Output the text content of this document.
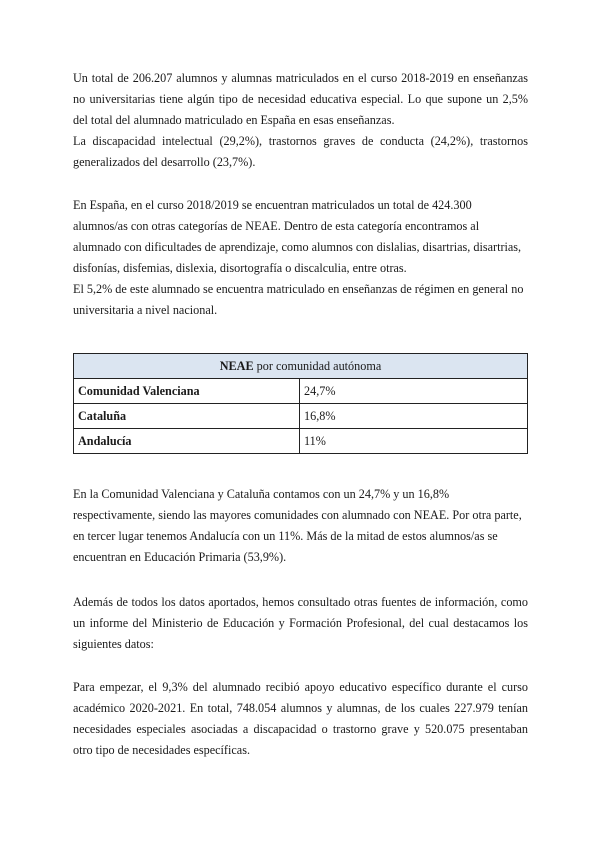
Un total de 206.207 alumnos y alumnas matriculados en el curso 2018-2019 en enseñanzas no universitarias tiene algún tipo de necesidad educativa especial. Lo que supone un 2,5% del total del alumnado matriculado en España en esas enseñanzas.

La discapacidad intelectual (29,2%), trastornos graves de conducta (24,2%), trastornos generalizados del desarrollo (23,7%).

En España, en el curso 2018/2019 se encuentran matriculados un total de 424.300 alumnos/as con otras categorías de NEAE. Dentro de esta categoría encontramos al alumnado con dificultades de aprendizaje, como alumnos con dislalias, disartrias, disartrias, disfonías, disfemias, dislexia, disortografía o discalculia, entre otras.

El 5,2% de este alumnado se encuentra matriculado en enseñanzas de régimen en general no universitaria a nivel nacional.

NEAE por comunidad autónoma	
Comunidad Valenciana	24,7%
Cataluña	16,8%
Andalucía	11%

En la Comunidad Valenciana y Cataluña contamos con un 24,7% y un 16,8% respectivamente, siendo las mayores comunidades con alumnado con NEAE. Por otra parte, en tercer lugar tenemos Andalucía con un 11%. Más de la mitad de estos alumnos/as se encuentran en Educación Primaria (53,9%).

Además de todos los datos aportados, hemos consultado otras fuentes de información, como un informe del Ministerio de Educación y Formación Profesional, del cual destacamos los siguientes datos:

Para empezar, el 9,3% del alumnado recibió apoyo educativo específico durante el curso académico 2020-2021. En total, 748.054 alumnos y alumnas, de los cuales 227.979 tenían necesidades especiales asociadas a discapacidad o trastorno grave y 520.075 presentaban otro tipo de necesidades específicas.
